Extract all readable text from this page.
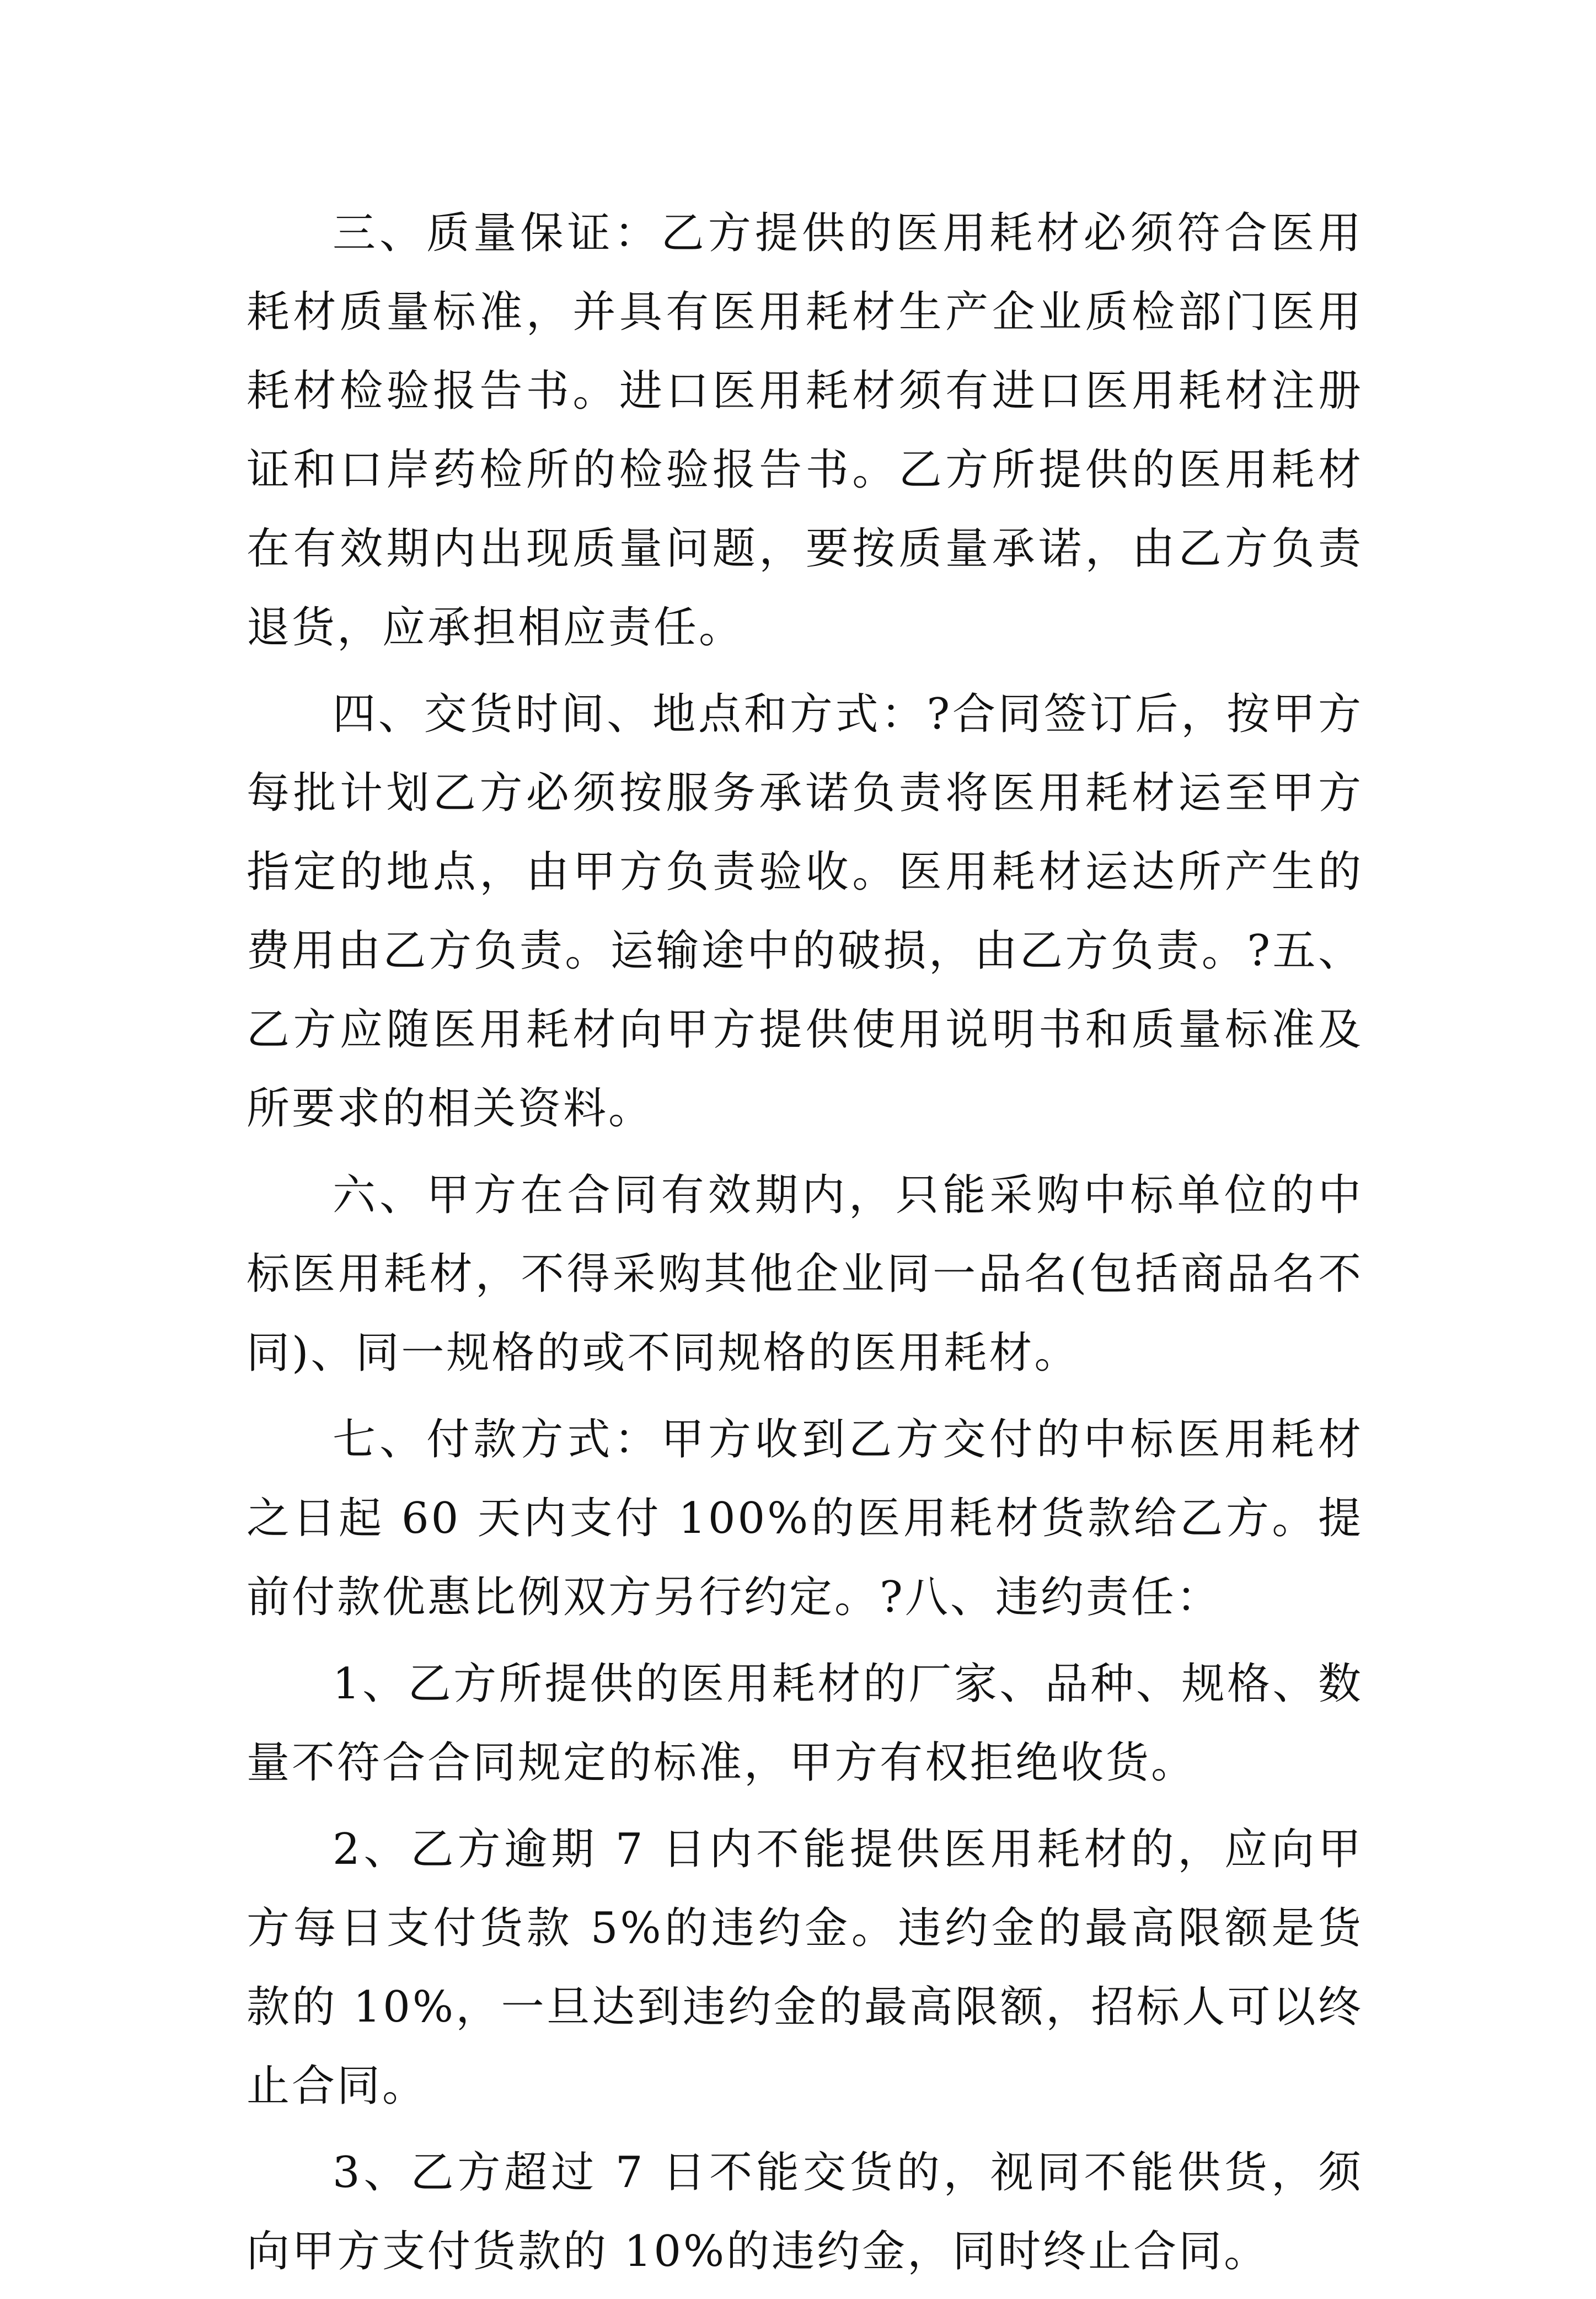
三、质量保证：乙方提供的医用耗材必须符合医用耗材质量标准，并具有医用耗材生产企业质检部门医用耗材检验报告书。进口医用耗材须有进口医用耗材注册证和口岸药检所的检验报告书。乙方所提供的医用耗材在有效期内出现质量问题，要按质量承诺，由乙方负责退货，应承担相应责任。

四、交货时间、地点和方式：?合同签订后，按甲方每批计划乙方必须按服务承诺负责将医用耗材运至甲方指定的地点，由甲方负责验收。医用耗材运达所产生的费用由乙方负责。运输途中的破损，由乙方负责。?五、乙方应随医用耗材向甲方提供使用说明书和质量标准及所要求的相关资料。

六、甲方在合同有效期内，只能采购中标单位的中标医用耗材，不得采购其他企业同一品名(包括商品名不同)、同一规格的或不同规格的医用耗材。

七、付款方式：甲方收到乙方交付的中标医用耗材之日起 60 天内支付 100%的医用耗材货款给乙方。提前付款优惠比例双方另行约定。?八、违约责任：

1、乙方所提供的医用耗材的厂家、品种、规格、数量不符合合同规定的标准，甲方有权拒绝收货。

2、乙方逾期 7 日内不能提供医用耗材的，应向甲方每日支付货款 5%的违约金。违约金的最高限额是货款的 10%，一旦达到违约金的最高限额，招标人可以终止合同。

3、乙方超过 7 日不能交货的，视同不能供货，须向甲方支付货款的 10%的违约金，同时终止合同。
